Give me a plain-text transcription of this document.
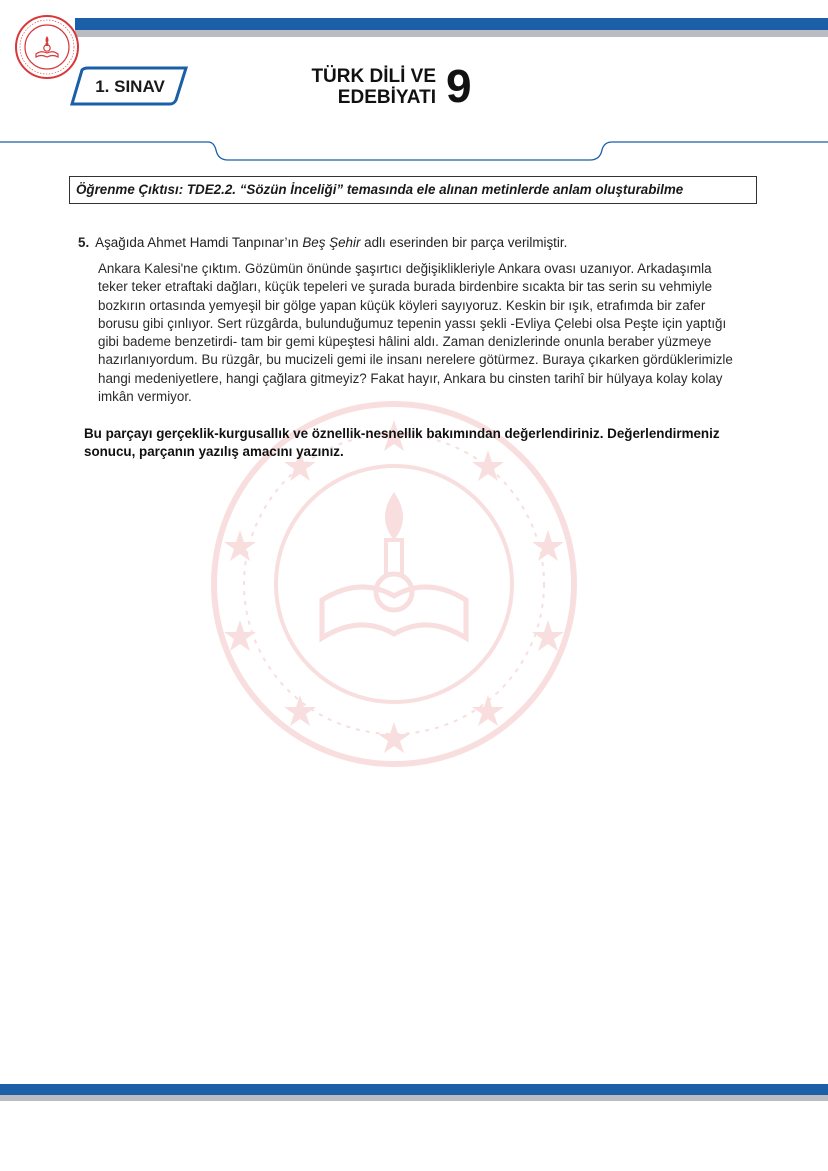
1. SINAV	TÜRK DİLİ VE
EDEBİYATI 9
Öğrenme Çıktısı: TDE2.2. “Sözün İnceliği” temasında ele alınan metinlerde anlam oluşturabilme
5. Aşağıda Ahmet Hamdi Tanpınar’ın Beş Şehir adlı eserinden bir parça verilmiştir.
Ankara Kalesi'ne çıktım. Gözümün önünde şaşırtıcı değişiklikleriyle Ankara ovası uzanıyor. Arkadaşımla
teker teker etraftaki dağları, küçük tepeleri ve şurada burada birdenbire sıcakta bir tas serin su vehmiyle
bozkırın ortasında yemyeşil bir gölge yapan küçük köyleri sayıyoruz. Keskin bir ışık, etrafımda bir zafer
borusu gibi çınlıyor. Sert rüzgârda, bulunduğumuz tepenin yassı şekli -Evliya Çelebi olsa Peşte için yaptığı
gibi bademe benzetirdi- tam bir gemi küpeştesi hâlini aldı. Zaman denizlerinde onunla beraber yüzmeye
hazırlanıyordum. Bu rüzgâr, bu mucizeli gemi ile insanı nerelere götürmez. Buraya çıkarken gördüklerimizle
hangi medeniyetlere, hangi çağlara gitmeyiz? Fakat hayır, Ankara bu cinsten tarihî bir hülyaya kolay kolay
imkân vermiyor.
Bu parçayı gerçeklik-kurgusallık ve öznellik-nesnellik bakımından değerlendiriniz. Değerlendirmeniz
sonucu, parçanın yazılış amacını yazınız.
